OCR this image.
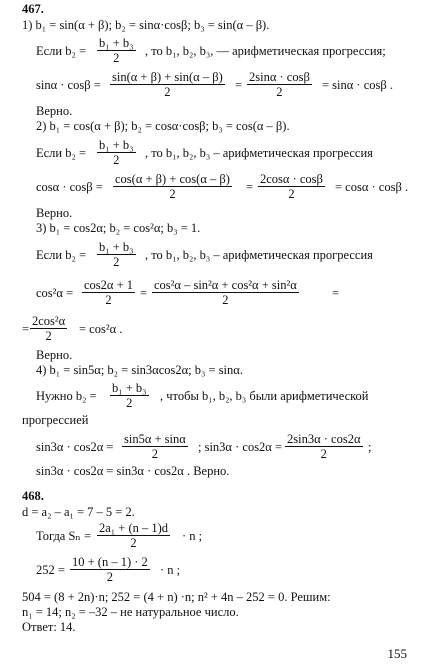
467.
1) b₁ = sin(α + β); b₂ = sinα·cosβ; b₃ = sin(α – β).
Если $b_2 = \frac{\text{b₁ + b₃}}{2}$ , то b₁, b₂, b₃, — арифметическая прогрессия;
$\sin\alpha \cdot \cos\beta = \frac{\sin(\alpha + \beta) + \sin(\alpha - \beta)}{2} = \frac{2\sin\alpha \cdot \cos\beta}{2} = \sin\alpha \cdot \cos\beta$ .
Верно.
2) b₁ = cos(α + β); b₂ = cosα·cosβ; b₃ = cos(α – β).
Если $b_2 = \frac{\text{b₁ + b₃}}{2}$ , то b₁, b₂, b₃ – арифметическая прогрессия
$\cos\alpha \cdot \cos\beta = \frac{\cos(\alpha + \beta) + \cos(\alpha - \beta)}{2} = \frac{2\cos\alpha \cdot \cos\beta}{2} = \cos\alpha \cdot \cos\beta$ .
Верно.
3) b₁ = cos2α; b₂ = cos²α; b₃ = 1.
Если $b_2 = \frac{\text{b₁ + b₃}}{2}$ , то b₁, b₂, b₃ – арифметическая прогрессия
$\cos^2\alpha = \frac{\cos 2\alpha + 1}{2} = \frac{\text{cos²α – sin²α + cos²α + sin²α}}{2}$	=
= $\frac{\text{2cos²α}}{2} = \cos^2\alpha$ .
Верно.
4) b₁ = sin5α; b₂ = sin3αcos2α; b₃ = sinα.
Нужно $b_2 = \frac{\text{b₁ + b₃}}{2}$ , чтобы b₁, b₂, b₃ были арифметической
прогрессией
$\sin 3\alpha \cdot \cos 2\alpha = \frac{\sin 5\alpha + \sin\alpha}{2}$ ; $\sin 3\alpha \cdot \cos 2\alpha = \frac{2\sin 3\alpha \cdot \cos 2\alpha}{2}$ ;
sin3α · cos2α = sin3α · cos2α . Верно.
468.
d = a₂ – a₁ = 7 – 5 = 2.
Тогда $S_n = \frac{\text{2a₁ + (n – 1)d}}{2} \cdot n$ ;
$252 = \frac{10 + (n - 1) \cdot 2}{2} \cdot n$ ;
504 = (8 + 2n)·n; 252 = (4 + n) ·n; n² + 4n – 252 = 0. Решим:
n₁ = 14; n₂ = –32 – не натуральное число.
Ответ: 14.
155
